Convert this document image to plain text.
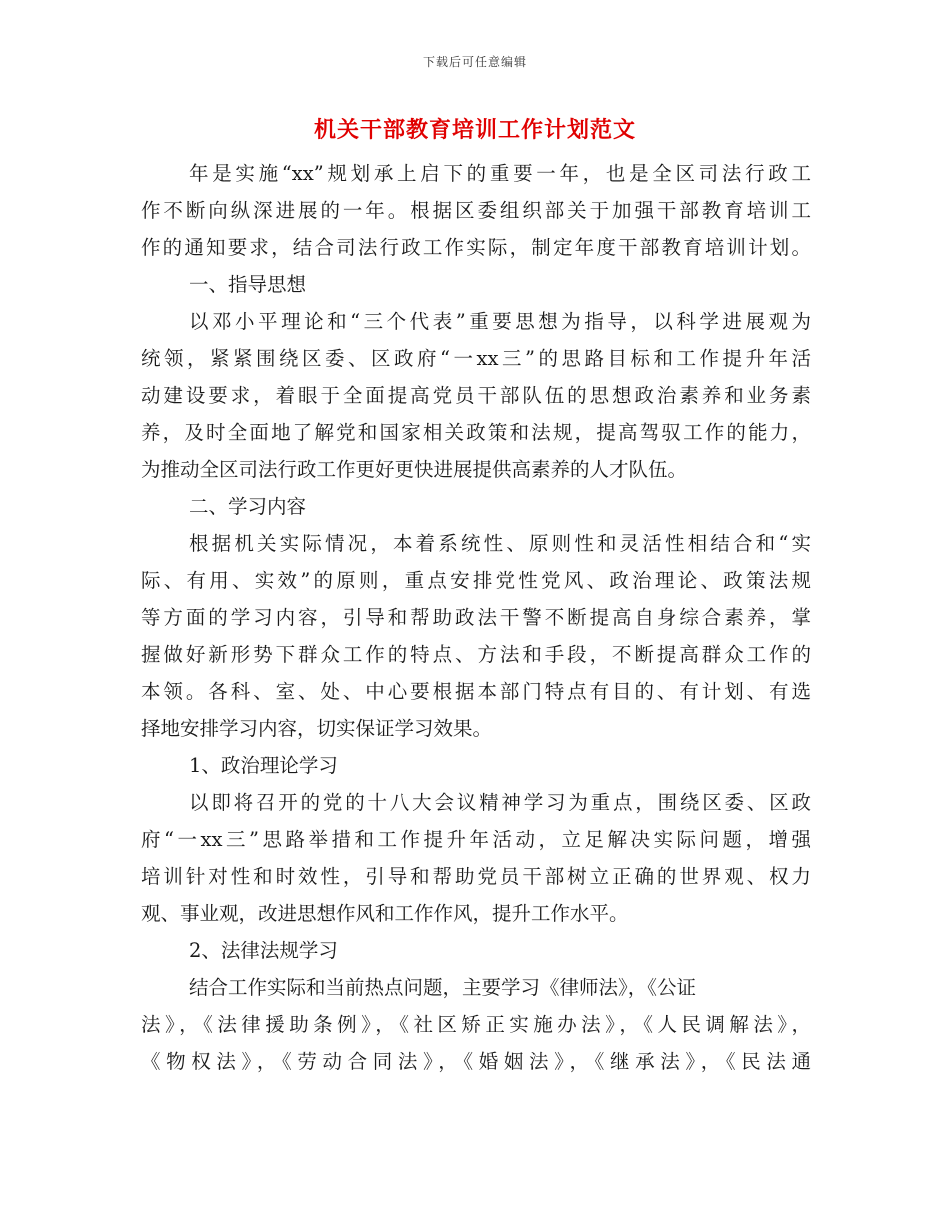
下载后可任意编辑
机关干部教育培训工作计划范文
年是实施“xx”规划承上启下的重要一年，也是全区司法行政工
作不断向纵深进展的一年。根据区委组织部关于加强干部教育培训工
作的通知要求，结合司法行政工作实际，制定年度干部教育培训计划。
一、指导思想
以邓小平理论和“三个代表”重要思想为指导，以科学进展观为
统领，紧紧围绕区委、区政府“一xx三”的思路目标和工作提升年活
动建设要求，着眼于全面提高党员干部队伍的思想政治素养和业务素
养，及时全面地了解党和国家相关政策和法规，提高驾驭工作的能力，
为推动全区司法行政工作更好更快进展提供高素养的人才队伍。
二、学习内容
根据机关实际情况，本着系统性、原则性和灵活性相结合和“实
际、有用、实效”的原则，重点安排党性党风、政治理论、政策法规
等方面的学习内容，引导和帮助政法干警不断提高自身综合素养，掌
握做好新形势下群众工作的特点、方法和手段，不断提高群众工作的
本领。各科、室、处、中心要根据本部门特点有目的、有计划、有选
择地安排学习内容，切实保证学习效果。
1、政治理论学习
以即将召开的党的十八大会议精神学习为重点，围绕区委、区政
府“一xx三”思路举措和工作提升年活动，立足解决实际问题，增强
培训针对性和时效性，引导和帮助党员干部树立正确的世界观、权力
观、事业观，改进思想作风和工作作风，提升工作水平。
2、法律法规学习
结合工作实际和当前热点问题，主要学习《律师法》，《公证
法》，《法律援助条例》，《社区矫正实施办法》，《人民调解法》，
《物权法》，《劳动合同法》，《婚姻法》，《继承法》，《民法通
